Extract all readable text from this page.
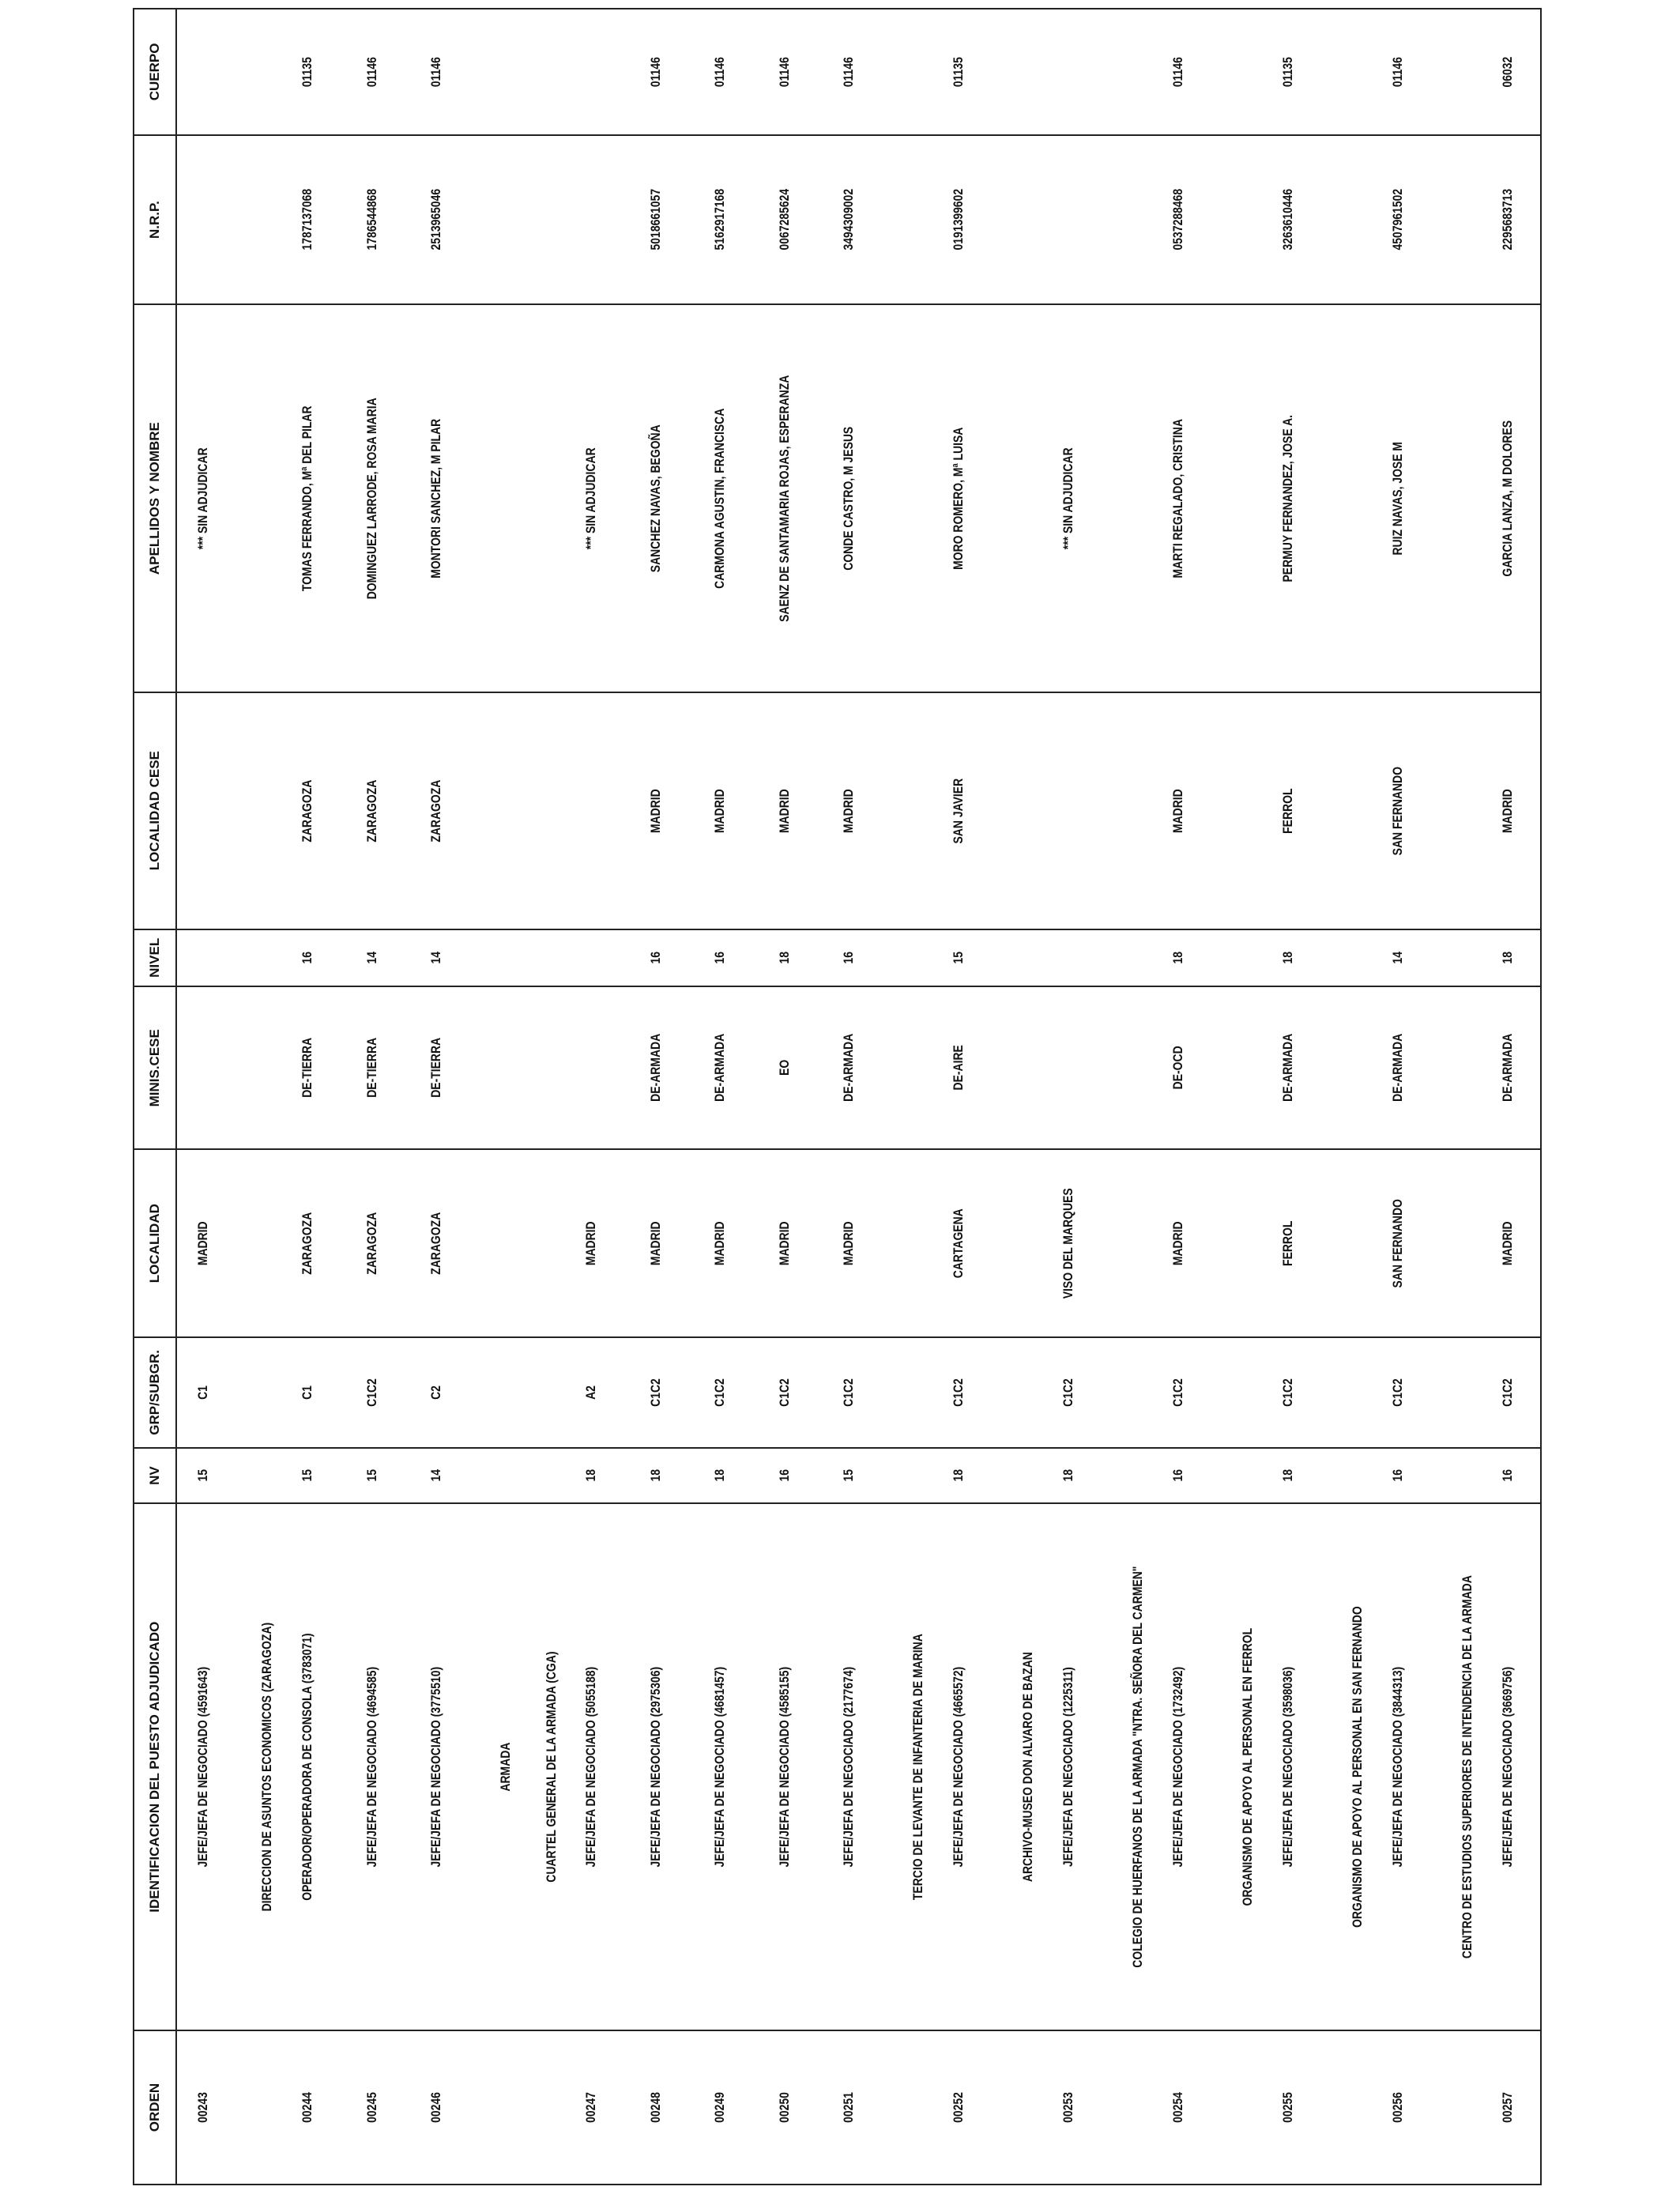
ORDEN	IDENTIFICACION DEL PUESTO ADJUDICADO	NV	GRP/SUBGR.	LOCALIDAD	MINIS.CESE	NIVEL	LOCALIDAD CESE	APELLIDOS Y NOMBRE	N.R.P.	CUERPO
00243	JEFE/JEFA DE NEGOCIADO (4591643)	15	C1	MADRID				*** SIN ADJUDICAR		
	DIRECCION DE ASUNTOS ECONOMICOS (ZARAGOZA)									
00244	OPERADOR/OPERADORA DE CONSOLA (3783071)	15	C1	ZARAGOZA	DE-TIERRA	16	ZARAGOZA	TOMAS FERRANDO, Mª DEL PILAR	1787137068	01135
00245	JEFE/JEFA DE NEGOCIADO (4694585)	15	C1C2	ZARAGOZA	DE-TIERRA	14	ZARAGOZA	DOMINGUEZ LARRODE, ROSA MARIA	1786544868	01146
00246	JEFE/JEFA DE NEGOCIADO (3775510)	14	C2	ZARAGOZA	DE-TIERRA	14	ZARAGOZA	MONTORI SANCHEZ, M PILAR	2513965046	01146
	ARMADA									
	CUARTEL GENERAL DE LA ARMADA (CGA)									
00247	JEFE/JEFA DE NEGOCIADO (5055188)	18	A2	MADRID				*** SIN ADJUDICAR		
00248	JEFE/JEFA DE NEGOCIADO (2975306)	18	C1C2	MADRID	DE-ARMADA	16	MADRID	SANCHEZ NAVAS, BEGOÑA	5018661057	01146
00249	JEFE/JEFA DE NEGOCIADO (4681457)	18	C1C2	MADRID	DE-ARMADA	16	MADRID	CARMONA AGUSTIN, FRANCISCA	5162917168	01146
00250	JEFE/JEFA DE NEGOCIADO (4585155)	16	C1C2	MADRID	EO	18	MADRID	SAENZ DE SANTAMARIA ROJAS, ESPERANZA	0067285624	01146
00251	JEFE/JEFA DE NEGOCIADO (2177674)	15	C1C2	MADRID	DE-ARMADA	16	MADRID	CONDE CASTRO, M JESUS	3494309002	01146
	TERCIO DE LEVANTE DE INFANTERIA DE MARINA									
00252	JEFE/JEFA DE NEGOCIADO (4665572)	18	C1C2	CARTAGENA	DE-AIRE	15	SAN JAVIER	MORO ROMERO, Mª LUISA	0191399602	01135
	ARCHIVO-MUSEO DON ALVARO DE BAZAN									
00253	JEFE/JEFA DE NEGOCIADO (1225311)	18	C1C2	VISO DEL MARQUES				*** SIN ADJUDICAR		
	COLEGIO DE HUERFANOS DE LA ARMADA "NTRA. SEÑORA DEL CARMEN"									
00254	JEFE/JEFA DE NEGOCIADO (1732492)	16	C1C2	MADRID	DE-OCD	18	MADRID	MARTI REGALADO, CRISTINA	0537288468	01146
	ORGANISMO DE APOYO AL PERSONAL EN FERROL									
00255	JEFE/JEFA DE NEGOCIADO (3598036)	18	C1C2	FERROL	DE-ARMADA	18	FERROL	PERMUY FERNANDEZ, JOSE A.	3263610446	01135
	ORGANISMO DE APOYO AL PERSONAL EN SAN FERNANDO									
00256	JEFE/JEFA DE NEGOCIADO (3844313)	16	C1C2	SAN FERNANDO	DE-ARMADA	14	SAN FERNANDO	RUIZ NAVAS, JOSE M	4507961502	01146
	CENTRO DE ESTUDIOS SUPERIORES DE INTENDENCIA DE LA ARMADA									
00257	JEFE/JEFA DE NEGOCIADO (3669756)	16	C1C2	MADRID	DE-ARMADA	18	MADRID	GARCIA LANZA, M DOLORES	2295683713	06032
